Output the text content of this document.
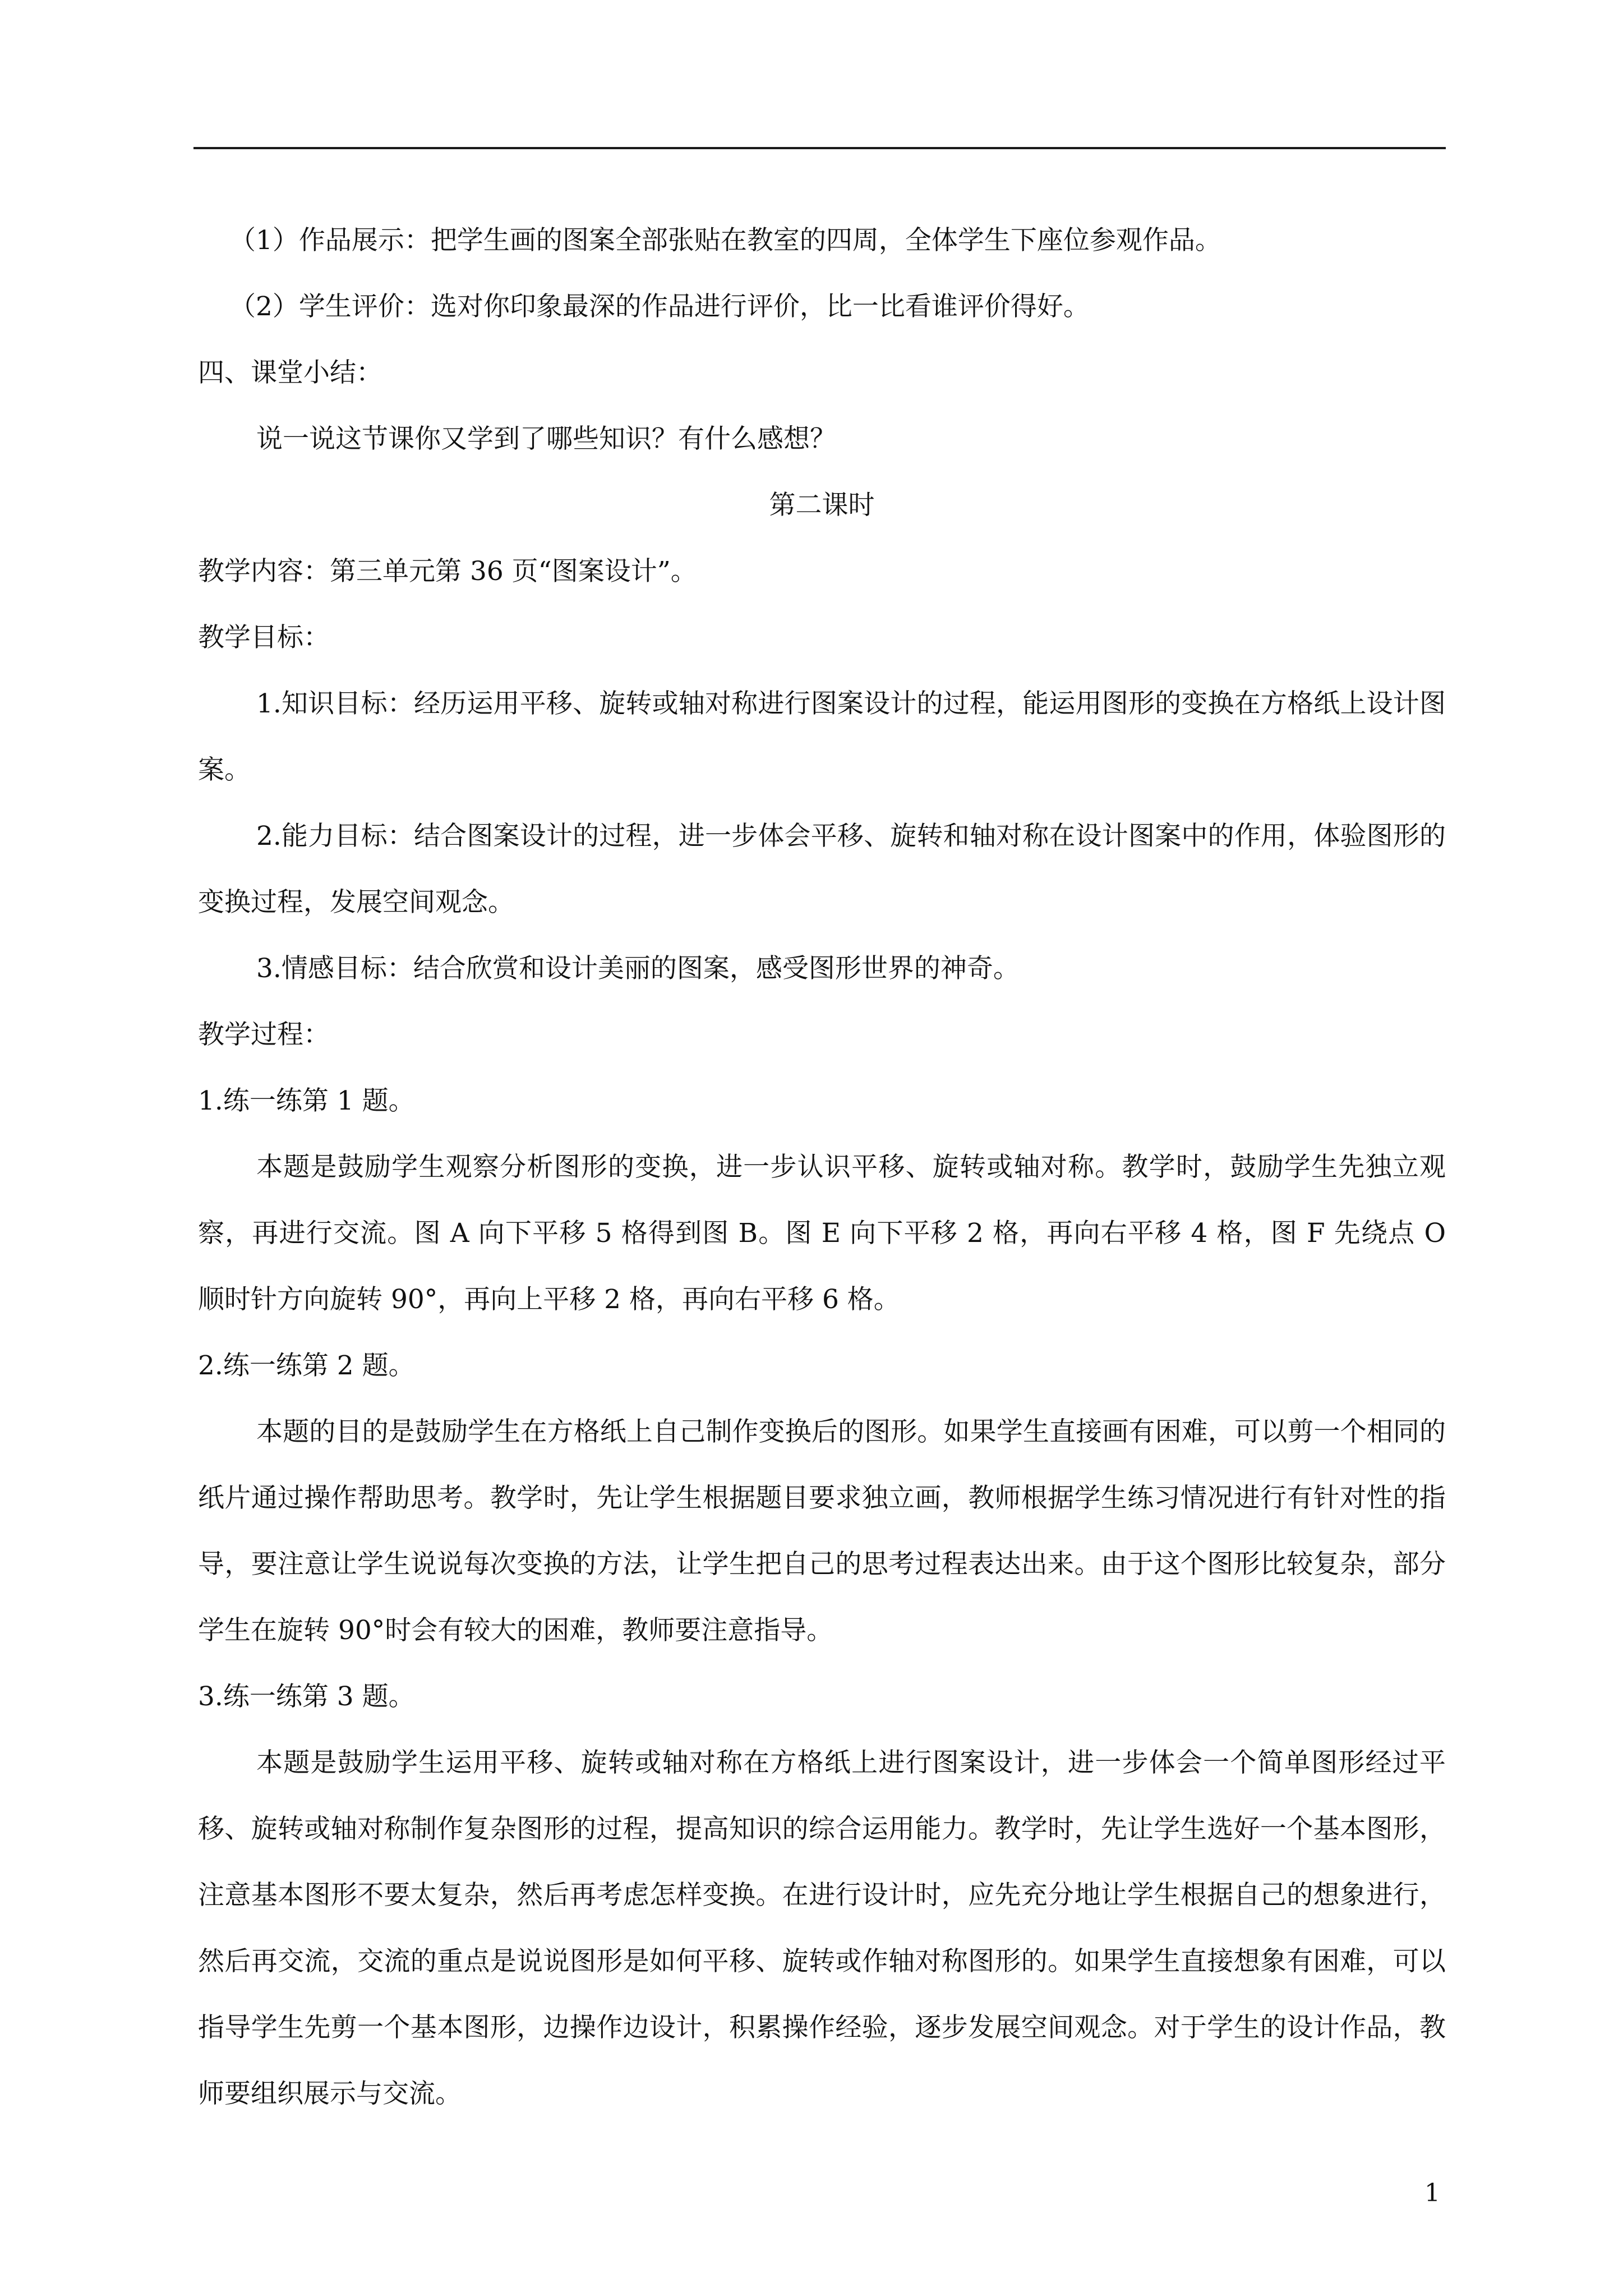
（1）作品展示：把学生画的图案全部张贴在教室的四周，全体学生下座位参观作品。

（2）学生评价：选对你印象最深的作品进行评价，比一比看谁评价得好。

四、课堂小结：

说一说这节课你又学到了哪些知识？有什么感想？

第二课时

教学内容：第三单元第 36 页“图案设计”。

教学目标：

1.知识目标：经历运用平移、旋转或轴对称进行图案设计的过程，能运用图形的变换在方格纸上设计图案。

2.能力目标：结合图案设计的过程，进一步体会平移、旋转和轴对称在设计图案中的作用，体验图形的变换过程，发展空间观念。

3.情感目标：结合欣赏和设计美丽的图案，感受图形世界的神奇。

教学过程：

1.练一练第 1 题。

本题是鼓励学生观察分析图形的变换，进一步认识平移、旋转或轴对称。教学时，鼓励学生先独立观察，再进行交流。图 A 向下平移 5 格得到图 B。图 E 向下平移 2 格，再向右平移 4 格，图 F 先绕点 O 顺时针方向旋转 90°，再向上平移 2 格，再向右平移 6 格。

2.练一练第 2 题。

本题的目的是鼓励学生在方格纸上自己制作变换后的图形。如果学生直接画有困难，可以剪一个相同的纸片通过操作帮助思考。教学时，先让学生根据题目要求独立画，教师根据学生练习情况进行有针对性的指导，要注意让学生说说每次变换的方法，让学生把自己的思考过程表达出来。由于这个图形比较复杂，部分学生在旋转 90°时会有较大的困难，教师要注意指导。

3.练一练第 3 题。

本题是鼓励学生运用平移、旋转或轴对称在方格纸上进行图案设计，进一步体会一个简单图形经过平移、旋转或轴对称制作复杂图形的过程，提高知识的综合运用能力。教学时，先让学生选好一个基本图形，注意基本图形不要太复杂，然后再考虑怎样变换。在进行设计时，应先充分地让学生根据自己的想象进行，然后再交流，交流的重点是说说图形是如何平移、旋转或作轴对称图形的。如果学生直接想象有困难，可以指导学生先剪一个基本图形，边操作边设计，积累操作经验，逐步发展空间观念。对于学生的设计作品，教师要组织展示与交流。

1
